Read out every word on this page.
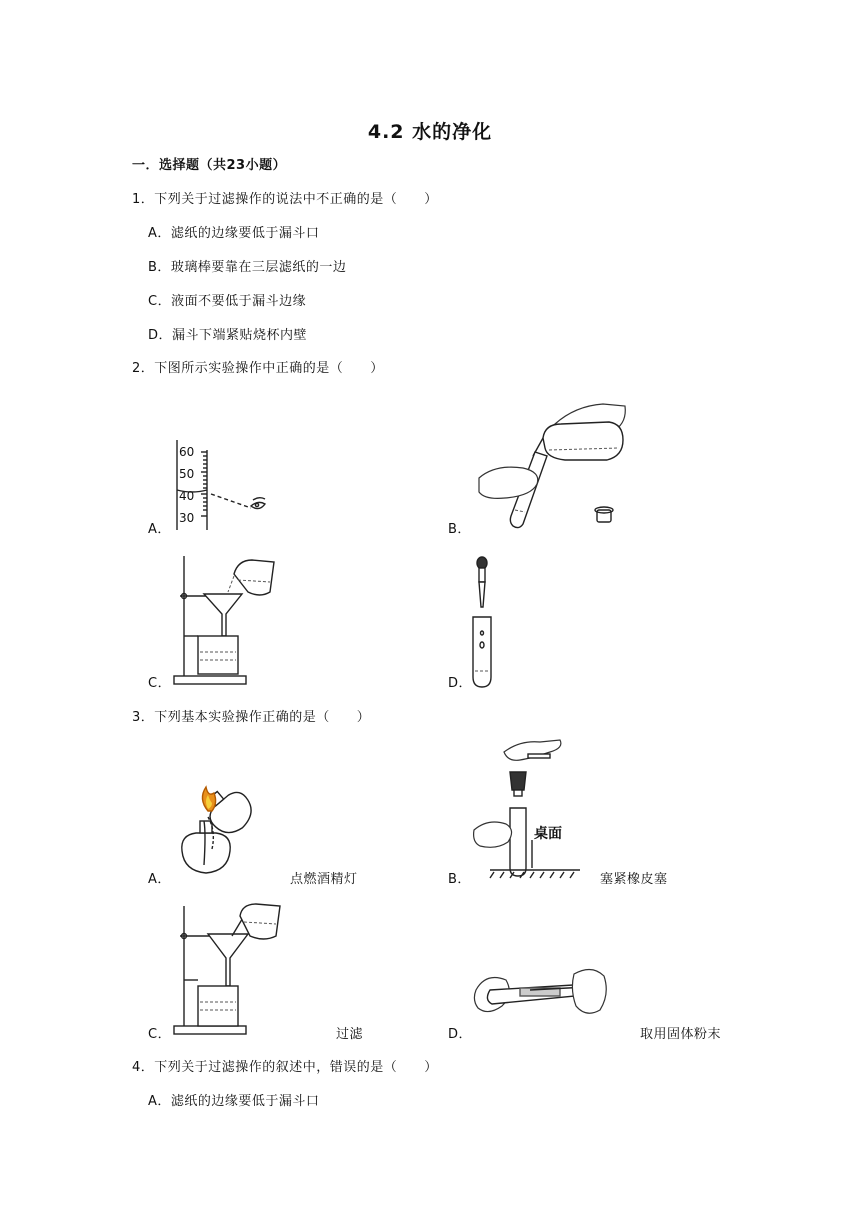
4.2 水的净化
一．选择题（共23小题）
1．下列关于过滤操作的说法中不正确的是（　　）
A．滤纸的边缘要低于漏斗口
B．玻璃棒要靠在三层滤纸的一边
C．液面不要低于漏斗边缘
D．漏斗下端紧贴烧杯内壁
2．下图所示实验操作中正确的是（　　）
60
50
40
30
A．	B．
C．	D．
3．下列基本实验操作正确的是（　　）
A．	点燃酒精灯
桌面
B．	塞紧橡皮塞
C．	过滤	D．	取用固体粉末
4．下列关于过滤操作的叙述中，错误的是（　　）
A．滤纸的边缘要低于漏斗口
